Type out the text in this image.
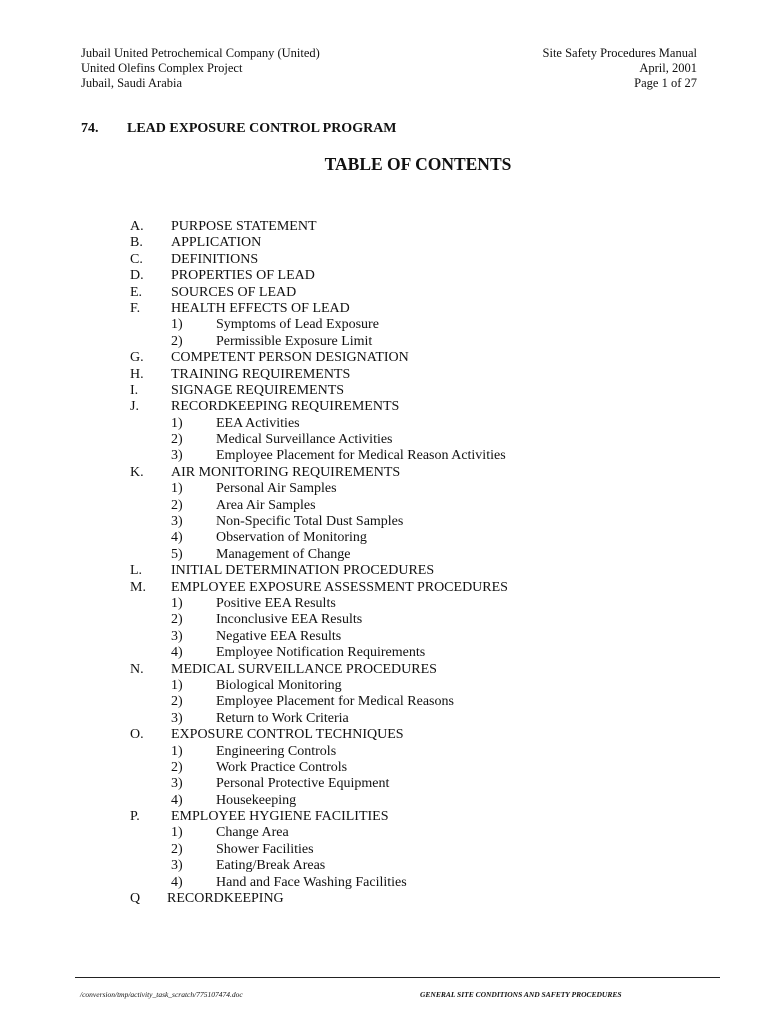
Jubail United Petrochemical Company (United)
United Olefins Complex Project
Jubail, Saudi Arabia
Site Safety Procedures Manual
April, 2001
Page 1 of 27
74. LEAD EXPOSURE CONTROL PROGRAM
TABLE OF CONTENTS
A. PURPOSE STATEMENT
B. APPLICATION
C. DEFINITIONS
D. PROPERTIES OF LEAD
E. SOURCES OF LEAD
F. HEALTH EFFECTS OF LEAD
1) Symptoms of Lead Exposure
2) Permissible Exposure Limit
G. COMPETENT PERSON DESIGNATION
H. TRAINING REQUIREMENTS
I. SIGNAGE REQUIREMENTS
J. RECORDKEEPING REQUIREMENTS
1) EEA Activities
2) Medical Surveillance Activities
3) Employee Placement for Medical Reason Activities
K. AIR MONITORING REQUIREMENTS
1) Personal Air Samples
2) Area Air Samples
3) Non-Specific Total Dust Samples
4) Observation of Monitoring
5) Management of Change
L. INITIAL DETERMINATION PROCEDURES
M. EMPLOYEE EXPOSURE ASSESSMENT PROCEDURES
1) Positive EEA Results
2) Inconclusive EEA Results
3) Negative EEA Results
4) Employee Notification Requirements
N. MEDICAL SURVEILLANCE PROCEDURES
1) Biological Monitoring
2) Employee Placement for Medical Reasons
3) Return to Work Criteria
O. EXPOSURE CONTROL TECHNIQUES
1) Engineering Controls
2) Work Practice Controls
3) Personal Protective Equipment
4) Housekeeping
P. EMPLOYEE HYGIENE FACILITIES
1) Change Area
2) Shower Facilities
3) Eating/Break Areas
4) Hand and Face Washing Facilities
Q RECORDKEEPING
/conversion/tmp/activity_task_scratch/775107474.doc	GENERAL SITE CONDITIONS AND SAFETY PROCEDURES
